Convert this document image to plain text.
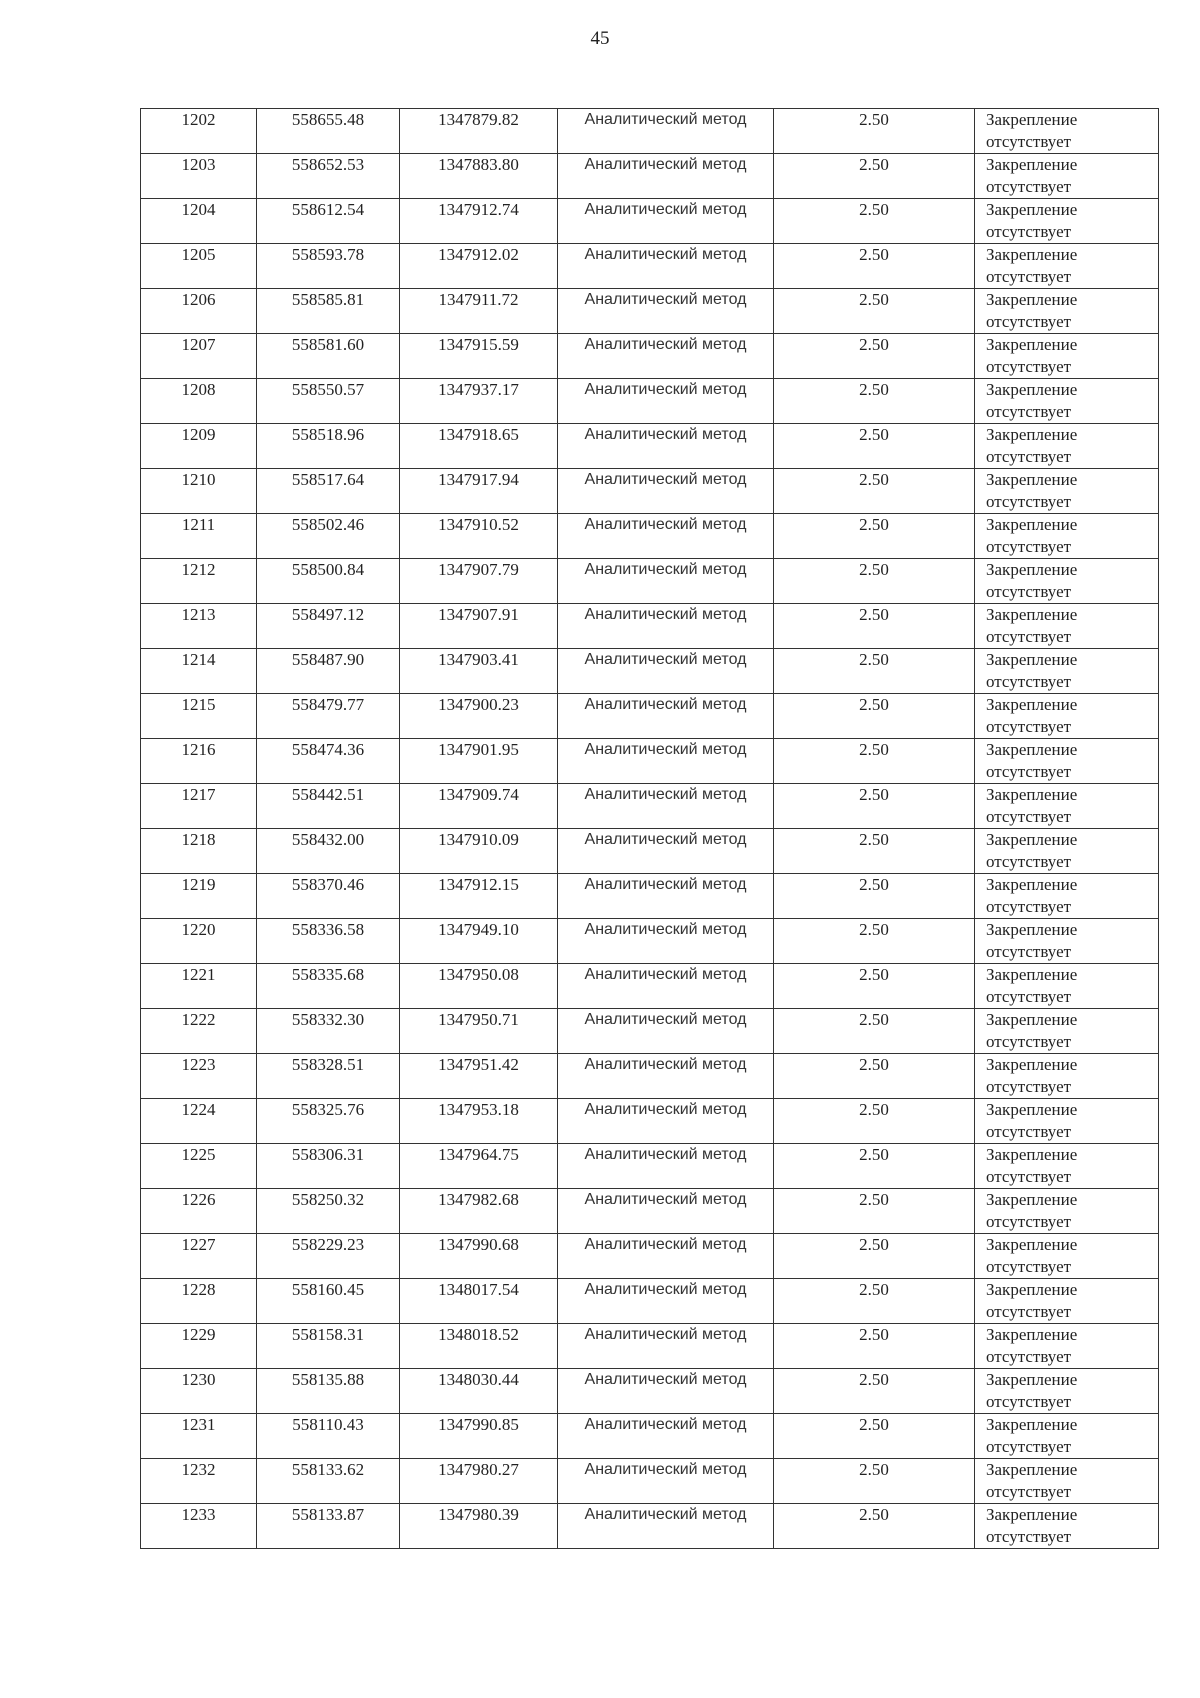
45
1202	558655.48	1347879.82	Аналитический метод	2.50	Закрепление отсутствует
1203	558652.53	1347883.80	Аналитический метод	2.50	Закрепление отсутствует
1204	558612.54	1347912.74	Аналитический метод	2.50	Закрепление отсутствует
1205	558593.78	1347912.02	Аналитический метод	2.50	Закрепление отсутствует
1206	558585.81	1347911.72	Аналитический метод	2.50	Закрепление отсутствует
1207	558581.60	1347915.59	Аналитический метод	2.50	Закрепление отсутствует
1208	558550.57	1347937.17	Аналитический метод	2.50	Закрепление отсутствует
1209	558518.96	1347918.65	Аналитический метод	2.50	Закрепление отсутствует
1210	558517.64	1347917.94	Аналитический метод	2.50	Закрепление отсутствует
1211	558502.46	1347910.52	Аналитический метод	2.50	Закрепление отсутствует
1212	558500.84	1347907.79	Аналитический метод	2.50	Закрепление отсутствует
1213	558497.12	1347907.91	Аналитический метод	2.50	Закрепление отсутствует
1214	558487.90	1347903.41	Аналитический метод	2.50	Закрепление отсутствует
1215	558479.77	1347900.23	Аналитический метод	2.50	Закрепление отсутствует
1216	558474.36	1347901.95	Аналитический метод	2.50	Закрепление отсутствует
1217	558442.51	1347909.74	Аналитический метод	2.50	Закрепление отсутствует
1218	558432.00	1347910.09	Аналитический метод	2.50	Закрепление отсутствует
1219	558370.46	1347912.15	Аналитический метод	2.50	Закрепление отсутствует
1220	558336.58	1347949.10	Аналитический метод	2.50	Закрепление отсутствует
1221	558335.68	1347950.08	Аналитический метод	2.50	Закрепление отсутствует
1222	558332.30	1347950.71	Аналитический метод	2.50	Закрепление отсутствует
1223	558328.51	1347951.42	Аналитический метод	2.50	Закрепление отсутствует
1224	558325.76	1347953.18	Аналитический метод	2.50	Закрепление отсутствует
1225	558306.31	1347964.75	Аналитический метод	2.50	Закрепление отсутствует
1226	558250.32	1347982.68	Аналитический метод	2.50	Закрепление отсутствует
1227	558229.23	1347990.68	Аналитический метод	2.50	Закрепление отсутствует
1228	558160.45	1348017.54	Аналитический метод	2.50	Закрепление отсутствует
1229	558158.31	1348018.52	Аналитический метод	2.50	Закрепление отсутствует
1230	558135.88	1348030.44	Аналитический метод	2.50	Закрепление отсутствует
1231	558110.43	1347990.85	Аналитический метод	2.50	Закрепление отсутствует
1232	558133.62	1347980.27	Аналитический метод	2.50	Закрепление отсутствует
1233	558133.87	1347980.39	Аналитический метод	2.50	Закрепление отсутствует
